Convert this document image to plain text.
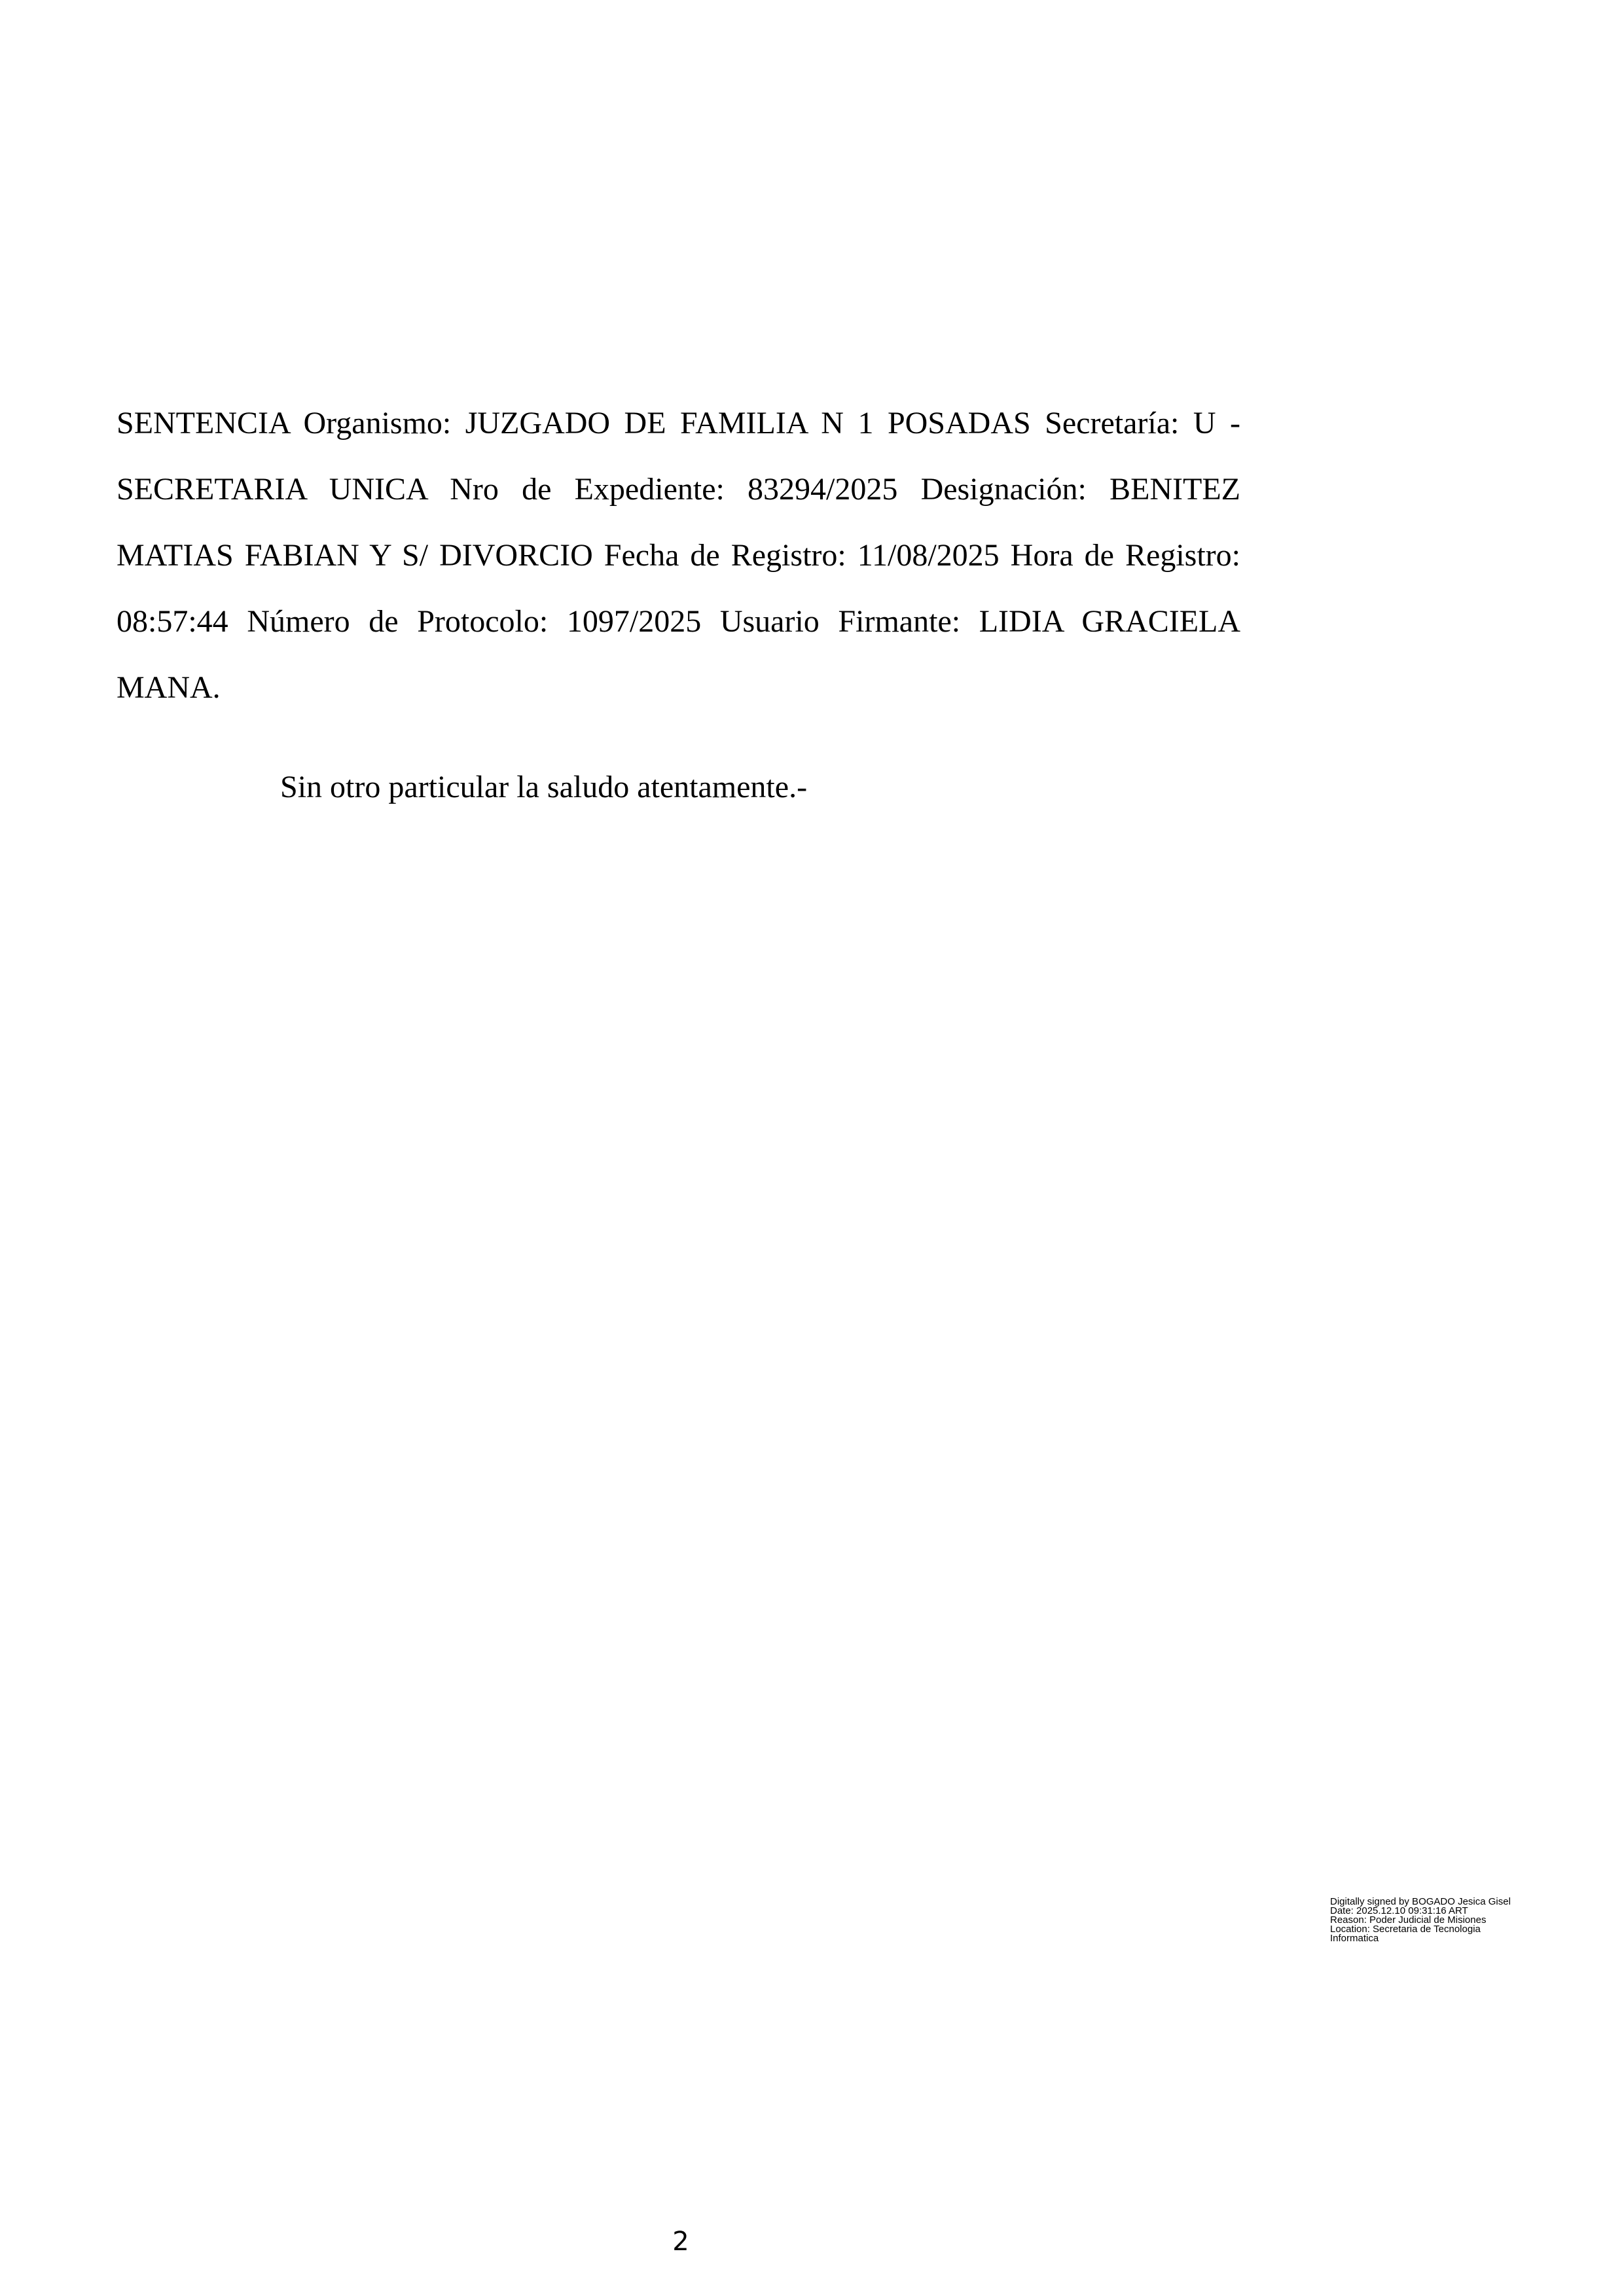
SENTENCIA Organismo: JUZGADO DE FAMILIA N 1 POSADAS Secretaría: U - SECRETARIA UNICA Nro de Expediente: 83294/2025 Designación: BENITEZ MATIAS FABIAN Y S/ DIVORCIO Fecha de Registro: 11/08/2025 Hora de Registro: 08:57:44 Número de Protocolo: 1097/2025 Usuario Firmante: LIDIA GRACIELA MANA.

Sin otro particular la saludo atentamente.-

Digitally signed by BOGADO Jesica Gisel
Date: 2025.12.10 09:31:16 ART
Reason: Poder Judicial de Misiones
Location: Secretaria de Tecnologia
Informatica
2
